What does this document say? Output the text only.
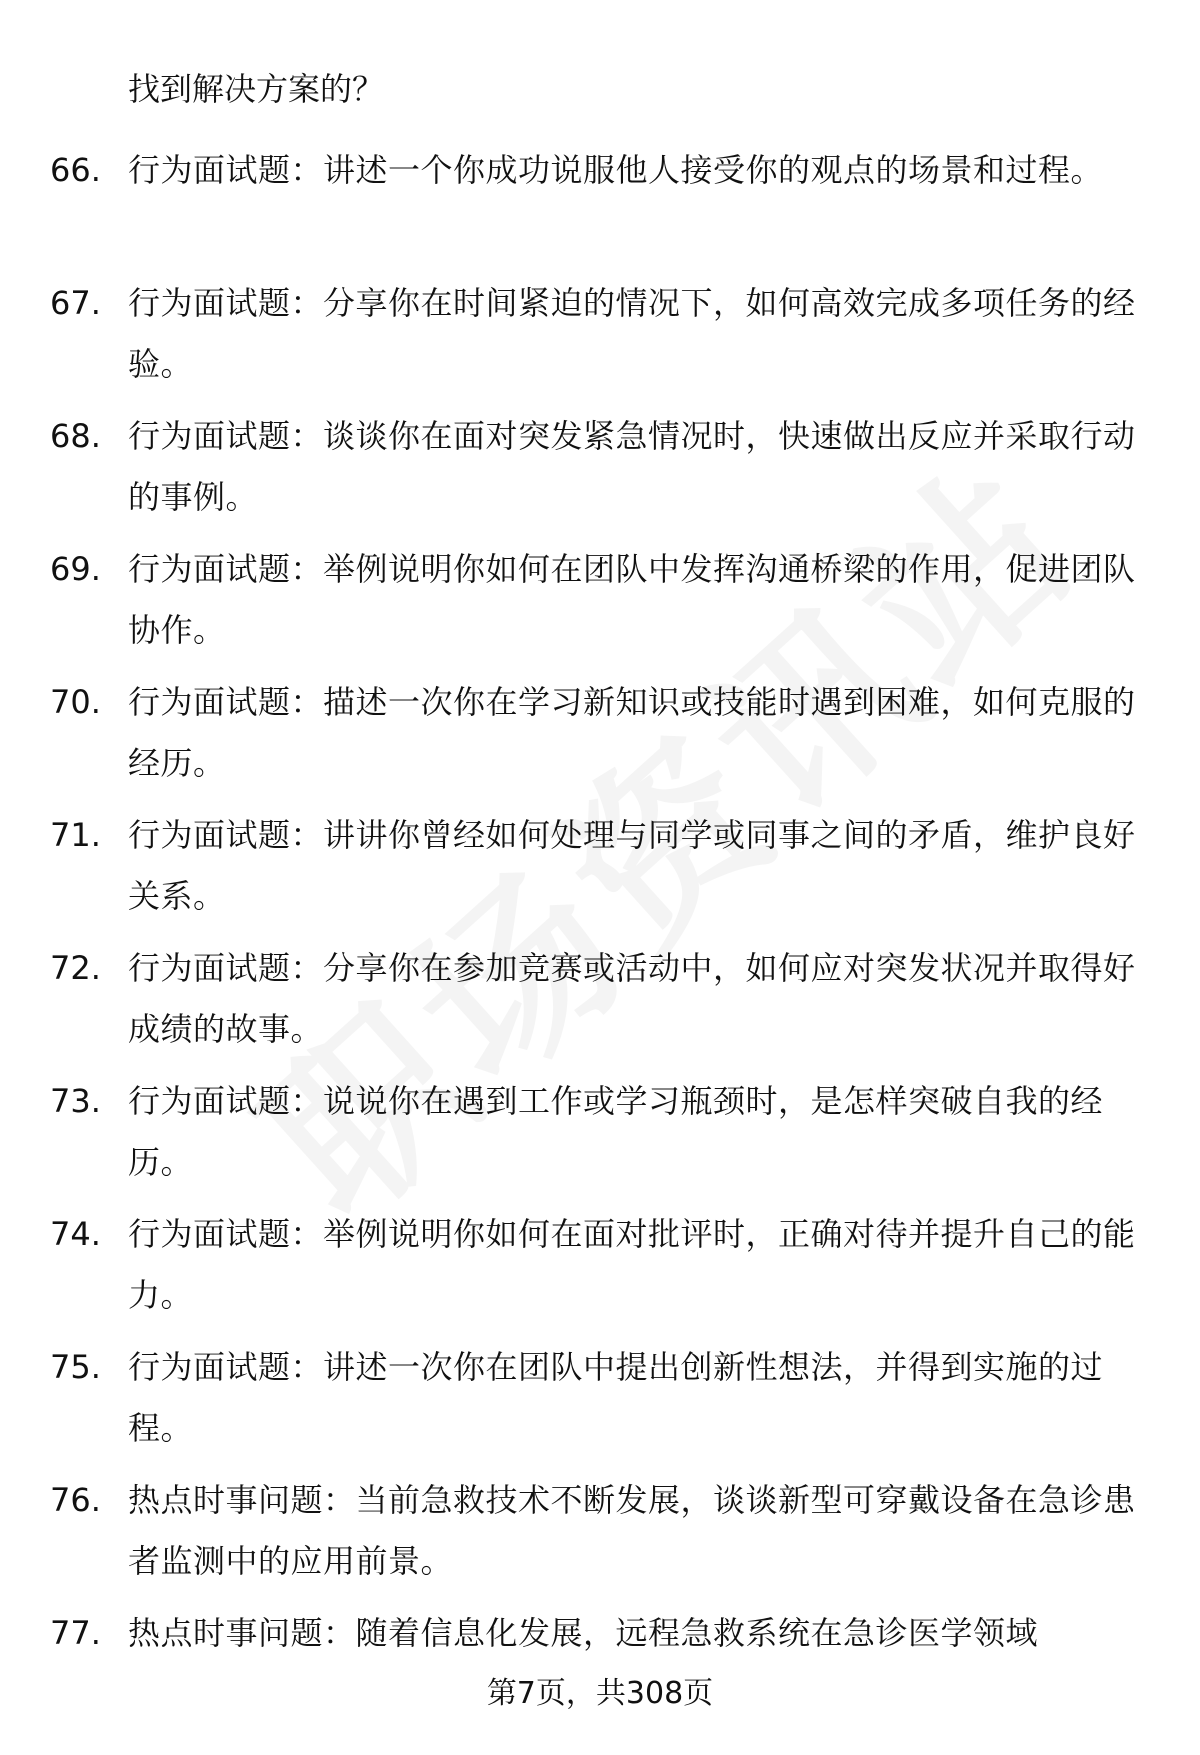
找到解决方案的？

66. 行为面试题：讲述一个你成功说服他人接受你的观点的场景和过程。
67. 行为面试题：分享你在时间紧迫的情况下，如何高效完成多项任务的经验。
68. 行为面试题：谈谈你在面对突发紧急情况时，快速做出反应并采取行动的事例。
69. 行为面试题：举例说明你如何在团队中发挥沟通桥梁的作用，促进团队协作。
70. 行为面试题：描述一次你在学习新知识或技能时遇到困难，如何克服的经历。
71. 行为面试题：讲讲你曾经如何处理与同学或同事之间的矛盾，维护良好关系。
72. 行为面试题：分享你在参加竞赛或活动中，如何应对突发状况并取得好成绩的故事。
73. 行为面试题：说说你在遇到工作或学习瓶颈时，是怎样突破自我的经历。
74. 行为面试题：举例说明你如何在面对批评时，正确对待并提升自己的能力。
75. 行为面试题：讲述一次你在团队中提出创新性想法，并得到实施的过程。
76. 热点时事问题：当前急救技术不断发展，谈谈新型可穿戴设备在急诊患者监测中的应用前景。
77. 热点时事问题：随着信息化发展，远程急救系统在急诊医学领域
第7页，共308页
